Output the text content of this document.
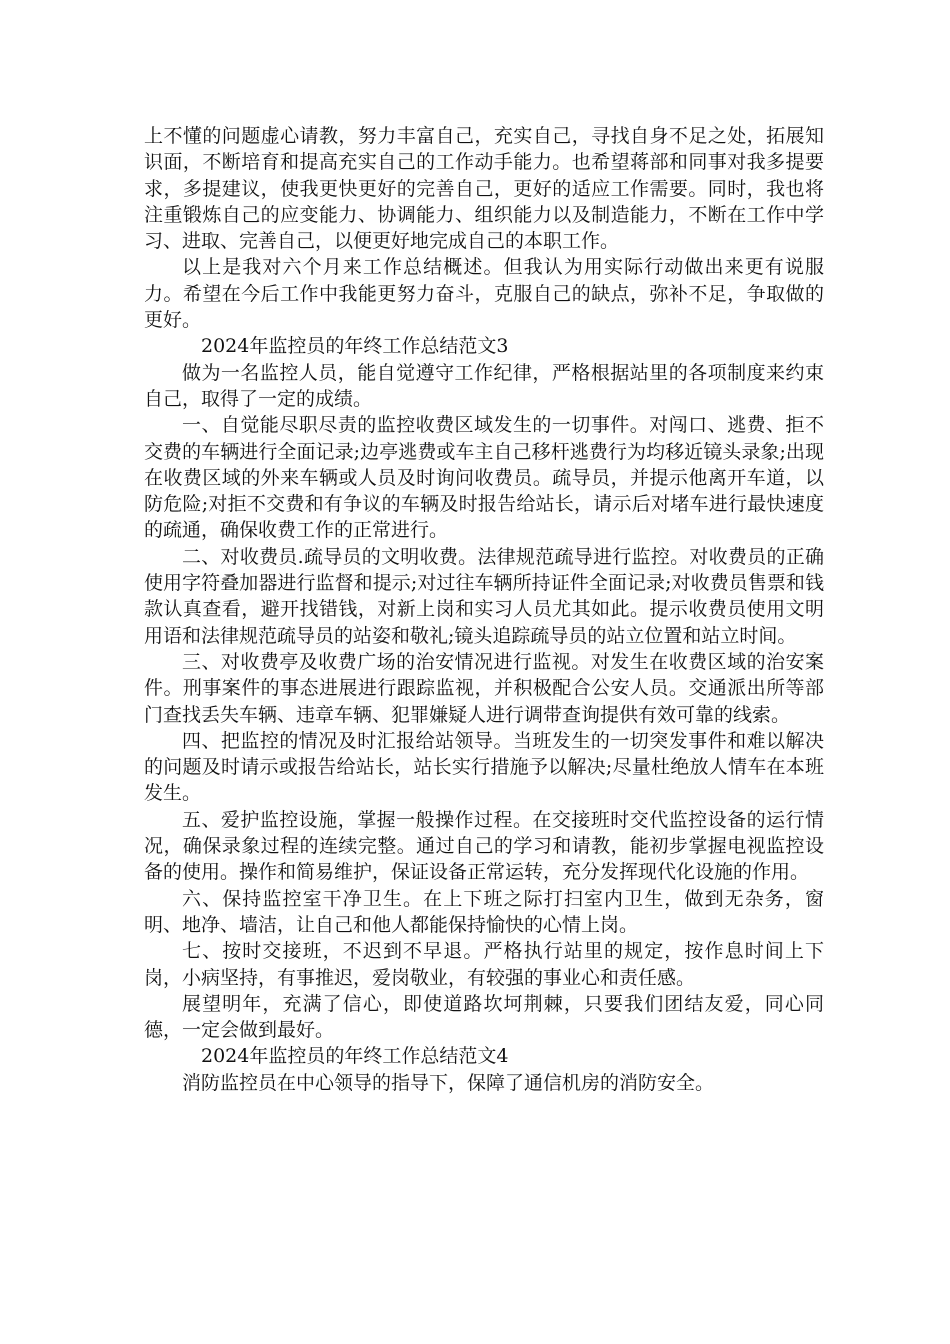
上不懂的问题虚心请教，努力丰富自己，充实自己，寻找自身不足之处，拓展知识面，不断培育和提高充实自己的工作动手能力。也希望蒋部和同事对我多提要求，多提建议，使我更快更好的完善自己，更好的适应工作需要。同时，我也将注重锻炼自己的应变能力、协调能力、组织能力以及制造能力，不断在工作中学习、进取、完善自己，以便更好地完成自己的本职工作。

以上是我对六个月来工作总结概述。但我认为用实际行动做出来更有说服力。希望在今后工作中我能更努力奋斗，克服自己的缺点，弥补不足，争取做的更好。

2024年监控员的年终工作总结范文3

做为一名监控人员，能自觉遵守工作纪律，严格根据站里的各项制度来约束自己，取得了一定的成绩。

一、自觉能尽职尽责的监控收费区域发生的一切事件。对闯口、逃费、拒不交费的车辆进行全面记录;边亭逃费或车主自己移杆逃费行为均移近镜头录象;出现在收费区域的外来车辆或人员及时询问收费员。疏导员，并提示他离开车道，以防危险;对拒不交费和有争议的车辆及时报告给站长，请示后对堵车进行最快速度的疏通，确保收费工作的正常进行。

二、对收费员.疏导员的文明收费。法律规范疏导进行监控。对收费员的正确使用字符叠加器进行监督和提示;对过往车辆所持证件全面记录;对收费员售票和钱款认真查看，避开找错钱，对新上岗和实习人员尤其如此。提示收费员使用文明用语和法律规范疏导员的站姿和敬礼;镜头追踪疏导员的站立位置和站立时间。

三、对收费亭及收费广场的治安情况进行监视。对发生在收费区域的治安案件。刑事案件的事态进展进行跟踪监视，并积极配合公安人员。交通派出所等部门查找丢失车辆、违章车辆、犯罪嫌疑人进行调带查询提供有效可靠的线索。

四、把监控的情况及时汇报给站领导。当班发生的一切突发事件和难以解决的问题及时请示或报告给站长，站长实行措施予以解决;尽量杜绝放人情车在本班发生。

五、爱护监控设施，掌握一般操作过程。在交接班时交代监控设备的运行情况，确保录象过程的连续完整。通过自己的学习和请教，能初步掌握电视监控设备的使用。操作和简易维护，保证设备正常运转，充分发挥现代化设施的作用。

六、保持监控室干净卫生。在上下班之际打扫室内卫生，做到无杂务，窗明、地净、墙洁，让自己和他人都能保持愉快的心情上岗。

七、按时交接班，不迟到不早退。严格执行站里的规定，按作息时间上下岗，小病坚持，有事推迟，爱岗敬业，有较强的事业心和责任感。

展望明年，充满了信心，即使道路坎坷荆棘，只要我们团结友爱，同心同德，一定会做到最好。

2024年监控员的年终工作总结范文4

消防监控员在中心领导的指导下，保障了通信机房的消防安全。
